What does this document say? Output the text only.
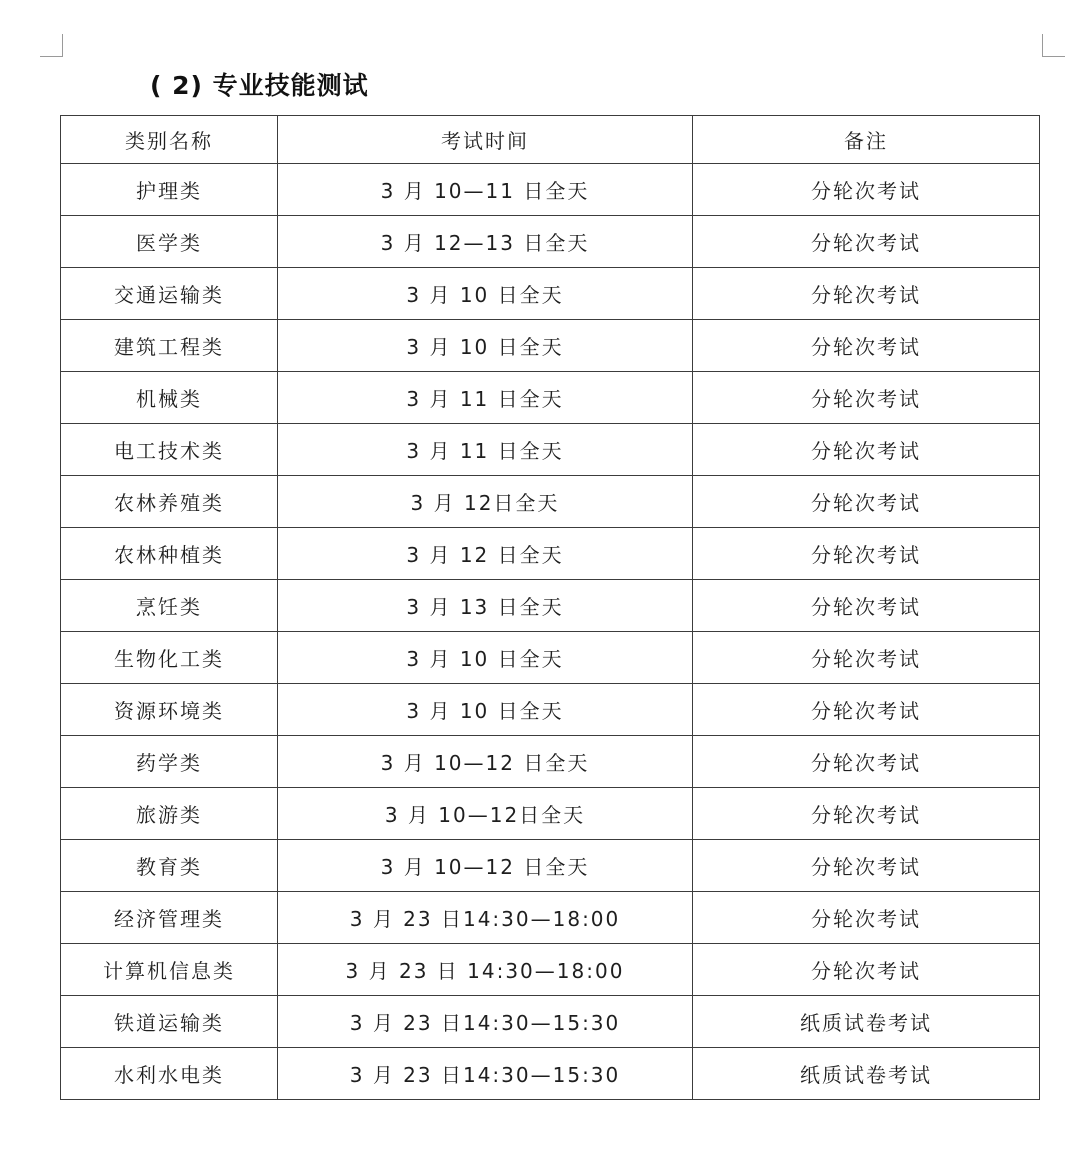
( 2) 专业技能测试
类别名称	考试时间	备注
护理类	3 月 10—11 日全天	分轮次考试
医学类	3 月 12—13 日全天	分轮次考试
交通运输类	3 月 10 日全天	分轮次考试
建筑工程类	3 月 10 日全天	分轮次考试
机械类	3 月 11 日全天	分轮次考试
电工技术类	3 月 11 日全天	分轮次考试
农林养殖类	3 月 12日全天	分轮次考试
农林种植类	3 月 12 日全天	分轮次考试
烹饪类	3 月 13 日全天	分轮次考试
生物化工类	3 月 10 日全天	分轮次考试
资源环境类	3 月 10 日全天	分轮次考试
药学类	3 月 10—12 日全天	分轮次考试
旅游类	3 月 10—12日全天	分轮次考试
教育类	3 月 10—12 日全天	分轮次考试
经济管理类	3 月 23 日14:30—18:00	分轮次考试
计算机信息类	3 月 23 日 14:30—18:00	分轮次考试
铁道运输类	3 月 23 日14:30—15:30	纸质试卷考试
水利水电类	3 月 23 日14:30—15:30	纸质试卷考试
